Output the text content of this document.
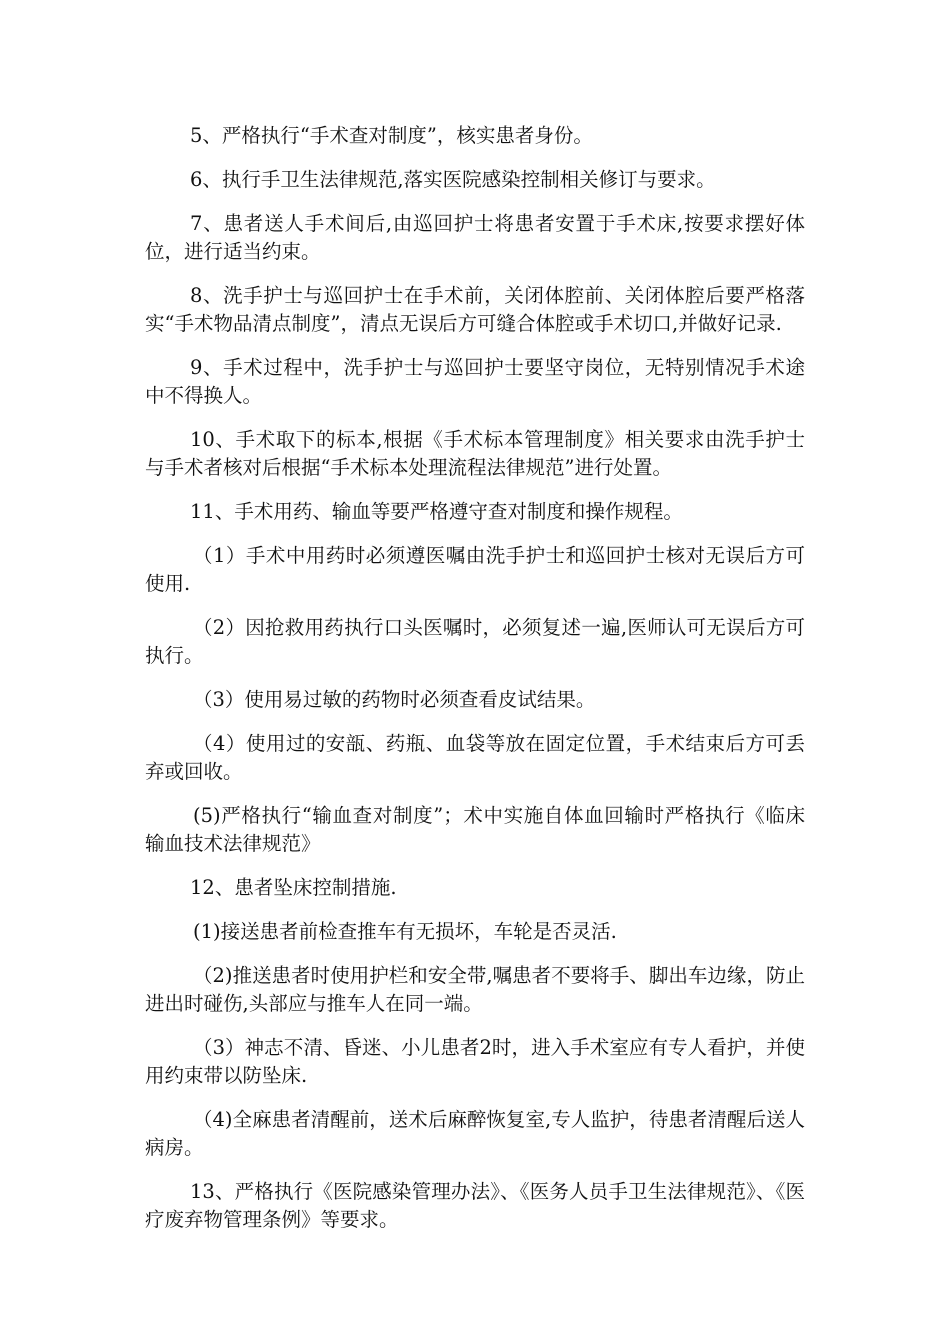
5、严格执行“手术查对制度”，核实患者身份。

6、执行手卫生法律规范,落实医院感染控制相关修订与要求。

7、患者送人手术间后,由巡回护士将患者安置于手术床,按要求摆好体位，进行适当约束。

8、洗手护士与巡回护士在手术前，关闭体腔前、关闭体腔后要严格落实“手术物品清点制度”，清点无误后方可缝合体腔或手术切口,并做好记录.

9、手术过程中，洗手护士与巡回护士要坚守岗位，无特别情况手术途中不得换人。

10、手术取下的标本,根据《手术标本管理制度》相关要求由洗手护士与手术者核对后根据“手术标本处理流程法律规范”进行处置。

11、手术用药、输血等要严格遵守查对制度和操作规程。

（1）手术中用药时必须遵医嘱由洗手护士和巡回护士核对无误后方可使用.

（2）因抢救用药执行口头医嘱时，必须复述一遍,医师认可无误后方可执行。

（3）使用易过敏的药物时必须查看皮试结果。

（4）使用过的安瓿、药瓶、血袋等放在固定位置，手术结束后方可丢弃或回收。

(5)严格执行“输血查对制度”；术中实施自体血回输时严格执行《临床输血技术法律规范》

12、患者坠床控制措施.

(1)接送患者前检查推车有无损坏，车轮是否灵活.

（2)推送患者时使用护栏和安全带,嘱患者不要将手、脚出车边缘，防止进出时碰伤,头部应与推车人在同一端。

（3）神志不清、昏迷、小儿患者2时，进入手术室应有专人看护，并使用约束带以防坠床.

（4)全麻患者清醒前，送术后麻醉恢复室,专人监护，待患者清醒后送人病房。

13、严格执行《医院感染管理办法》、《医务人员手卫生法律规范》、《医疗废弃物管理条例》等要求。
